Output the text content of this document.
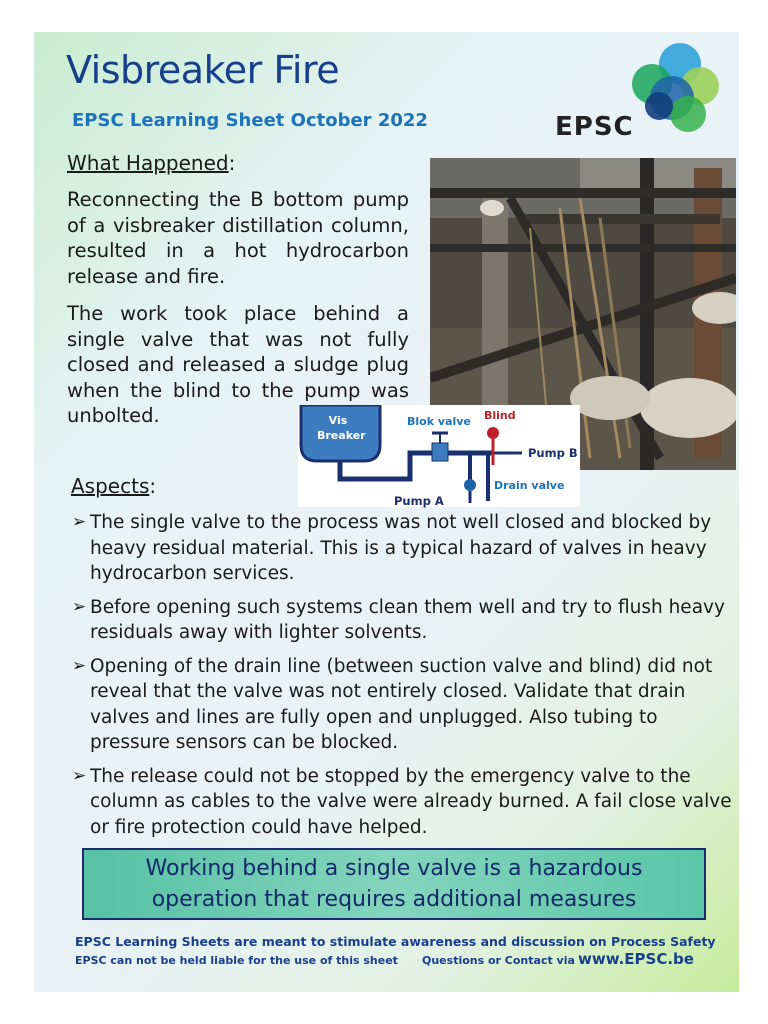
Visbreaker Fire
EPSC Learning Sheet October 2022	EPSC
What Happened:

Reconnecting the B bottom pump of a visbreaker distillation column, resulted in a hot hydrocarbon release and fire.

The work took place behind a single valve that was not fully closed and released a sludge plug when the blind to the pump was unbolted.	Vis
Breaker
Blok valve Blind
Pump B
Drain valve
Pump A
Aspects:
➢ The single valve to the process was not well closed and blocked by heavy residual material. This is a typical hazard of valves in heavy hydrocarbon services.
➢ Before opening such systems clean them well and try to flush heavy residuals away with lighter solvents.
➢ Opening of the drain line (between suction valve and blind) did not reveal that the valve was not entirely closed. Validate that drain valves and lines are fully open and unplugged. Also tubing to pressure sensors can be blocked.
➢ The release could not be stopped by the emergency valve to the column as cables to the valve were already burned. A fail close valve or fire protection could have helped.
Working behind a single valve is a hazardous
operation that requires additional measures
EPSC Learning Sheets are meant to stimulate awareness and discussion on Process Safety
EPSC can not be held liable for the use of this sheet Questions or Contact via www.EPSC.be
